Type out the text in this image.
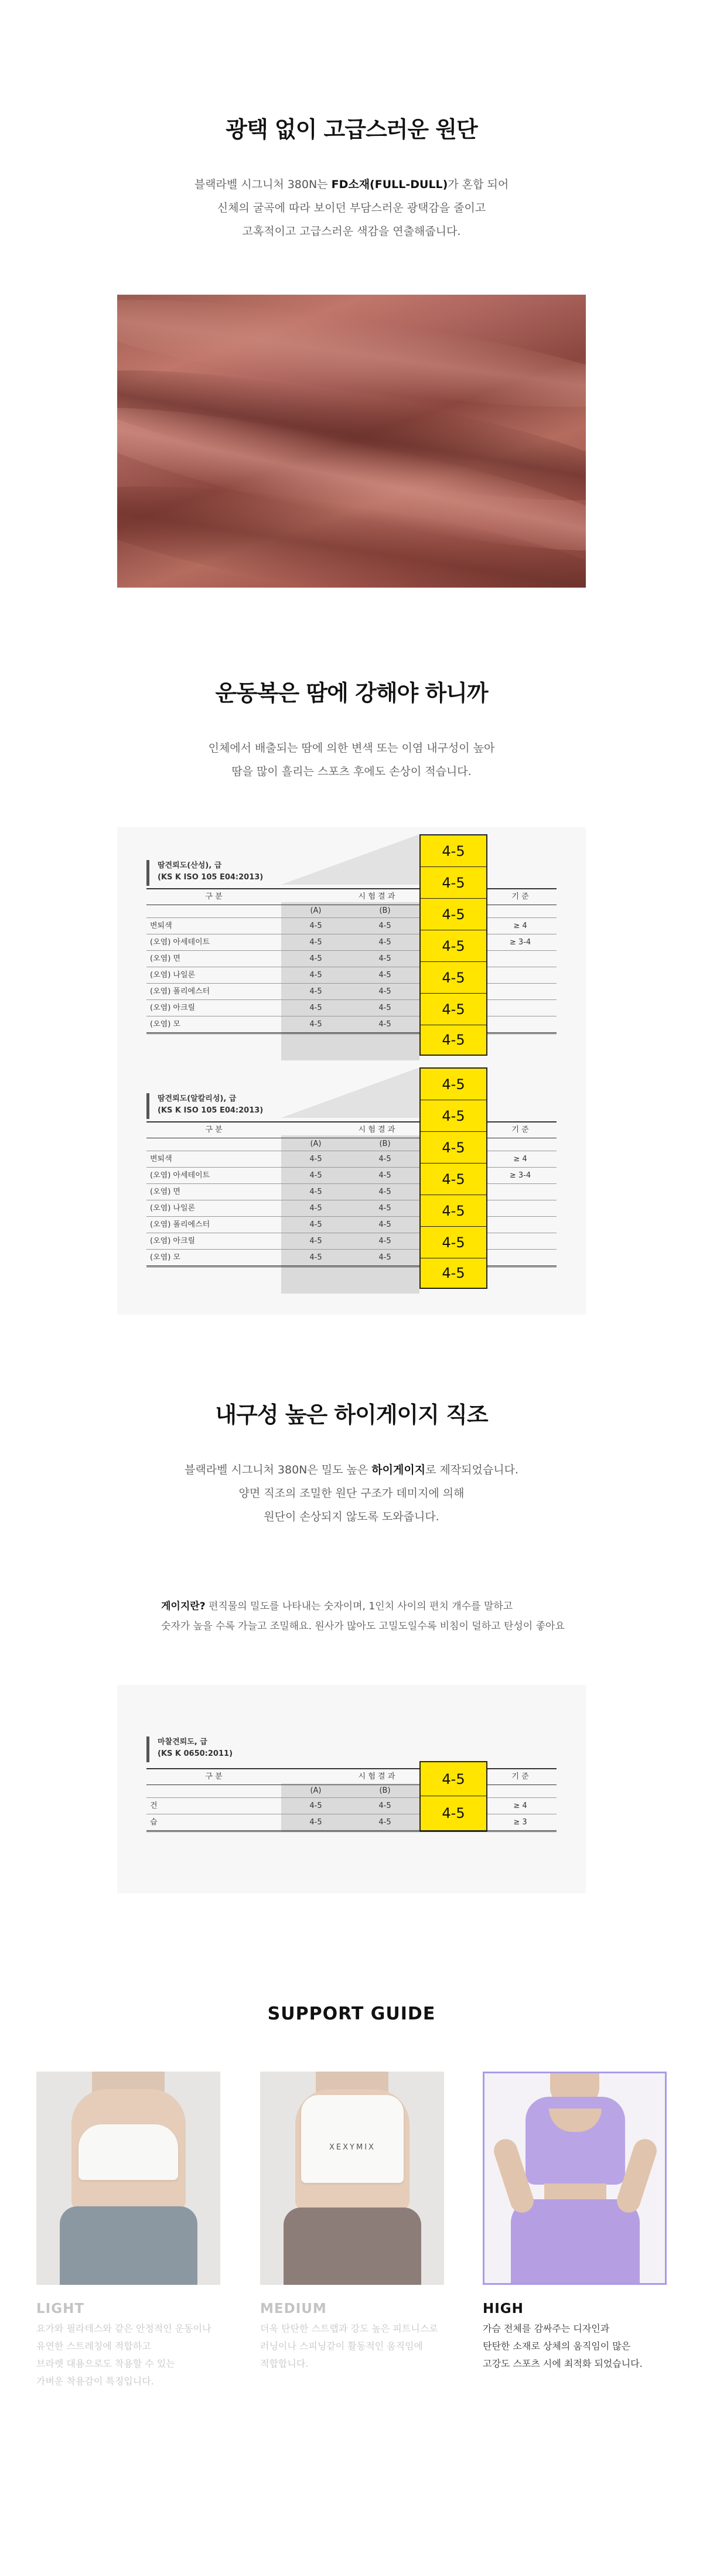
광택 없이 고급스러운 원단
블랙라벨 시그니처 380N는 FD소재(FULL-DULL)가 혼합 되어
신체의 굴곡에 따라 보이던 부담스러운 광택감을 줄이고
고혹적이고 고급스러운 색감을 연출해줍니다.
운동복은 땀에 강해야 하니까
인체에서 배출되는 땀에 의한 변색 또는 이염 내구성이 높아
땀을 많이 흘리는 스포츠 후에도 손상이 적습니다.
땀견뢰도(산성), 급
(KS K ISO 105 E04:2013)
구 분	시 험 결 과	기 준
(A)	(B)
변퇴색	4-5	4-5	≥ 4
(오염) 아세테이트	4-5	4-5	≥ 3-4
(오염) 면	4-5	4-5
(오염) 나일론	4-5	4-5
(오염) 폴리에스터	4-5	4-5
(오염) 아크릴	4-5	4-5
(오염) 모	4-5	4-5
4-5
4-5
4-5
4-5
4-5
4-5
4-5
땀견뢰도(알칼리성), 급
(KS K ISO 105 E04:2013)
구 분	시 험 결 과	기 준
(A)	(B)
변퇴색	4-5	4-5	≥ 4
(오염) 아세테이트	4-5	4-5	≥ 3-4
(오염) 면	4-5	4-5
(오염) 나일론	4-5	4-5
(오염) 폴리에스터	4-5	4-5
(오염) 아크릴	4-5	4-5
(오염) 모	4-5	4-5
4-5
4-5
4-5
4-5
4-5
4-5
4-5
내구성 높은 하이게이지 직조
블랙라벨 시그니처 380N은 밀도 높은 하이게이지로 제작되었습니다.
양면 직조의 조밀한 원단 구조가 데미지에 의해
원단이 손상되지 않도록 도와줍니다.
게이지란? 편직물의 밀도를 나타내는 숫자이며, 1인치 사이의 편치 개수를 말하고
숫자가 높을 수록 가늘고 조밀해요. 원사가 많아도 고밀도일수록 비침이 덜하고 탄성이 좋아요
마찰견뢰도, 급
(KS K 0650:2011)
구 분	시 험 결 과	기 준
(A)	(B)
건	4-5	4-5	≥ 4
습	4-5	4-5	≥ 3
4-5
4-5
SUPPORT GUIDE
LIGHT
요가와 필라테스와 같은 안정적인 운동이나
유연한 스트레칭에 적합하고
브라렛 대용으로도 착용할 수 있는
가벼운 착용감이 특징입니다.
XEXYMIX
MEDIUM
더욱 탄탄한 스트랩과 강도 높은 피트니스로
러닝이나 스피닝같이 활동적인 움직임에
적합합니다.
HIGH
가슴 전체를 감싸주는 디자인과
탄탄한 소재로 상체의 움직임이 많은
고강도 스포츠 시에 최적화 되었습니다.
